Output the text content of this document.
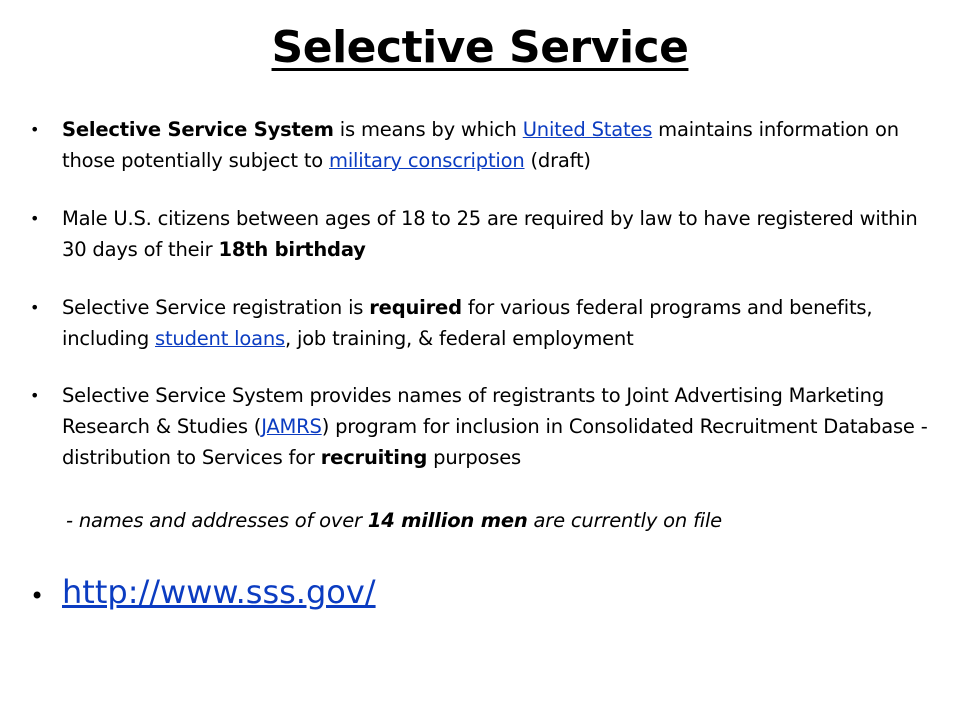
Selective Service
• Selective Service System is means by which United States maintains information on those potentially subject to military conscription (draft)
• Male U.S. citizens between ages of 18 to 25 are required by law to have registered within 30 days of their 18th birthday
• Selective Service registration is required for various federal programs and benefits, including student loans, job training, & federal employment
• Selective Service System provides names of registrants to Joint Advertising Marketing Research & Studies (JAMRS) program for inclusion in Consolidated Recruitment Database - distribution to Services for recruiting purposes
- names and addresses of over 14 million men are currently on file
• http://www.sss.gov/
